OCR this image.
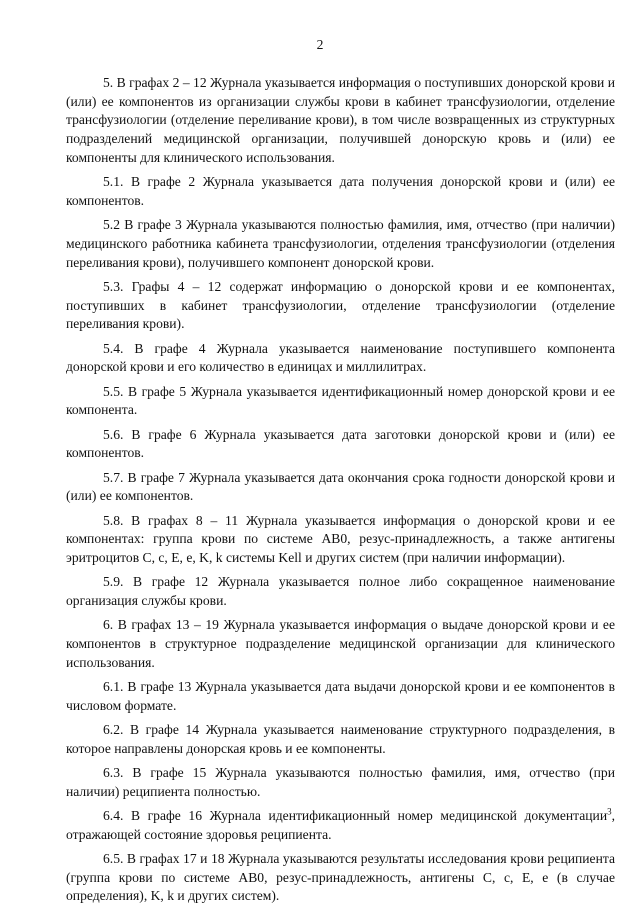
2

5. В графах 2 – 12 Журнала указывается информация о поступивших донорской крови и (или) ее компонентов из организации службы крови в кабинет трансфузиологии, отделение трансфузиологии (отделение переливание крови), в том числе возвращенных из структурных подразделений медицинской организации, получившей донорскую кровь и (или) ее компоненты для клинического использования.

5.1. В графе 2 Журнала указывается дата получения донорской крови и (или) ее компонентов.

5.2 В графе 3 Журнала указываются полностью фамилия, имя, отчество (при наличии) медицинского работника кабинета трансфузиологии, отделения трансфузиологии (отделения переливания крови), получившего компонент донорской крови.

5.3. Графы 4 – 12 содержат информацию о донорской крови и ее компонентах, поступивших в кабинет трансфузиологии, отделение трансфузиологии (отделение переливания крови).

5.4. В графе 4 Журнала указывается наименование поступившего компонента донорской крови и его количество в единицах и миллилитрах.

5.5. В графе 5 Журнала указывается идентификационный номер донорской крови и ее компонента.

5.6. В графе 6 Журнала указывается дата заготовки донорской крови и (или) ее компонентов.

5.7. В графе 7 Журнала указывается дата окончания срока годности донорской крови и (или) ее компонентов.

5.8. В графах 8 – 11 Журнала указывается информация о донорской крови и ее компонентах: группа крови по системе АВ0, резус-принадлежность, а также антигены эритроцитов С, с, Е, е, K, k системы Kell и других систем (при наличии информации).

5.9. В графе 12 Журнала указывается полное либо сокращенное наименование организация службы крови.

6. В графах 13 – 19 Журнала указывается информация о выдаче донорской крови и ее компонентов в структурное подразделение медицинской организации для клинического использования.

6.1. В графе 13 Журнала указывается дата выдачи донорской крови и ее компонентов в числовом формате.

6.2. В графе 14 Журнала указывается наименование структурного подразделения, в которое направлены донорская кровь и ее компоненты.

6.3. В графе 15 Журнала указываются полностью фамилия, имя, отчество (при наличии) реципиента полностью.

6.4. В графе 16 Журнала идентификационный номер медицинской документации$^3$, отражающей состояние здоровья реципиента.

6.5. В графах 17 и 18 Журнала указываются результаты исследования крови реципиента (группа крови по системе АВ0, резус-принадлежность, антигены С, с, Е, е (в случае определения), K, k и других систем).
